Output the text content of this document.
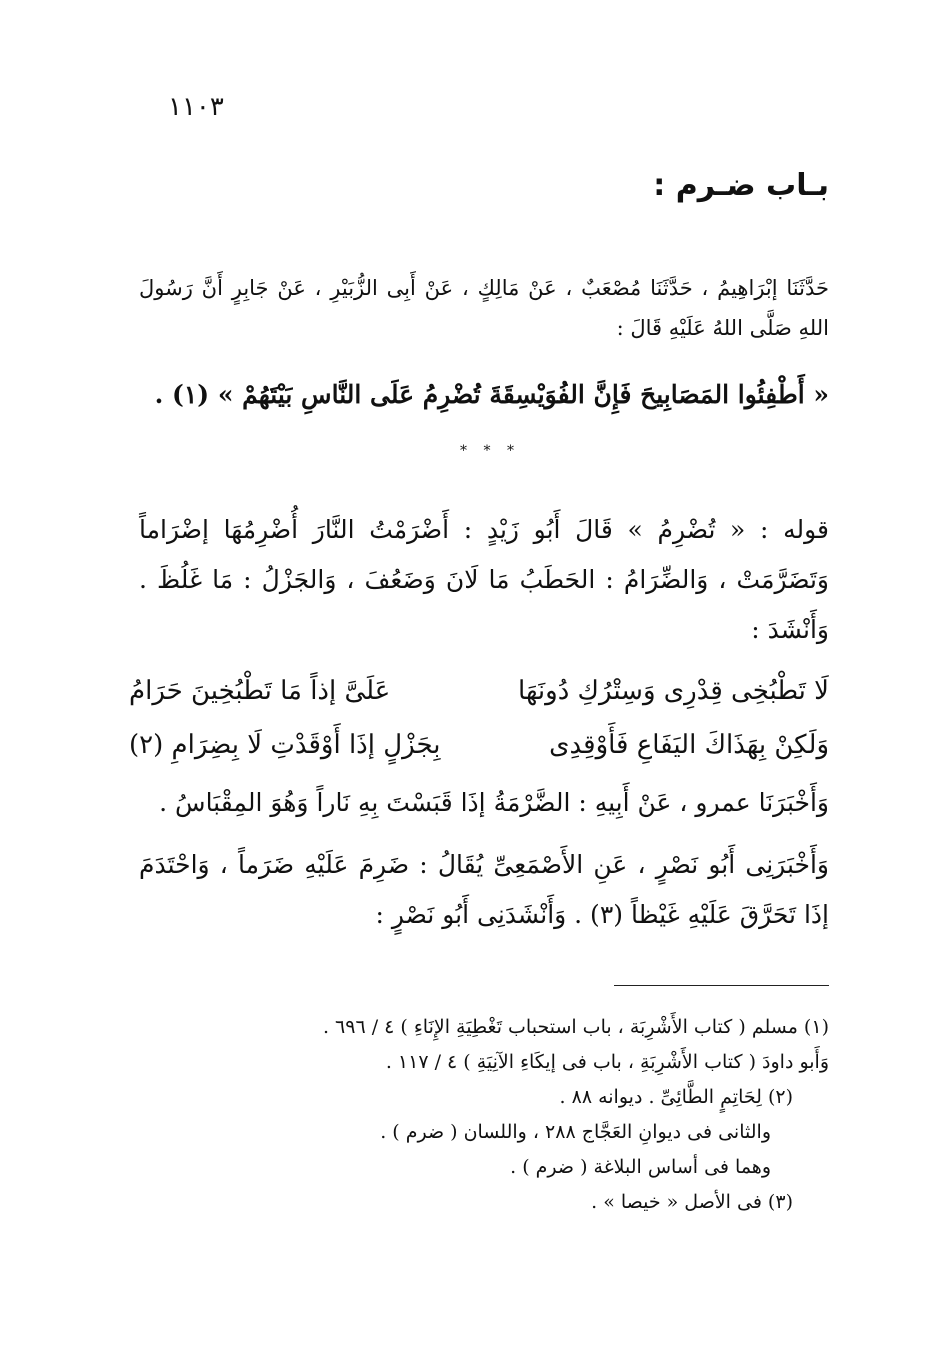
١١٠٣
بـاب ضـرم :
حَدَّثَنَا إبْرَاهِيمُ ، حَدَّثَنَا مُصْعَبٌ ، عَنْ مَالِكٍ ، عَنْ أَبِى الزُّبَيْرِ ، عَنْ جَابِرٍ أَنَّ رَسُولَ اللهِ صَلَّى اللهُ عَلَيْهِ قَالَ :
« أَطْفِئُوا المَصَابِيحَ فَإِنَّ الفُوَيْسِقَةَ تُضْرِمُ عَلَى النَّاسِ بَيْتَهُمْ » (١) .
* * *
قوله : « تُضْرِمُ » قَالَ أَبُو زَيْدٍ : أَضْرَمْتُ النَّارَ أُضْرِمُهَا إضْرَاماً وَتَضَرَّمَتْ ، وَالضِّرَامُ : الحَطَبُ مَا لَانَ وَضَعُفَ ، وَالجَزْلُ : مَا غَلُظَ . وَأَنْشَدَ :
لَا تَطْبُخِى قِدْرِى وَسِتْرُكِ دُونَهَا
عَلَىَّ إذاً مَا تَطْبُخِينَ حَرَامُ
وَلَكِنْ بِهَذَاكَ اليَفَاعِ فَأَوْقِدِى
بِجَزْلٍ إذَا أَوْقَدْتِ لَا بِضِرَامِ (٢)
وَأَخْبَرَنَا عمرو ، عَنْ أَبِيهِ : الضَّرْمَةُ إذَا قَبَسْتَ بِهِ نَاراً وَهُوَ المِقْبَاسُ .
وَأَخْبَرَنِى أَبُو نَصْرٍ ، عَنِ الأَصْمَعِىِّ يُقَالُ : ضَرِمَ عَلَيْهِ ضَرَماً ، وَاحْتَدَمَ إذَا تَحَرَّقَ عَلَيْهِ غَيْظاً (٣) . وَأَنْشَدَنِى أَبُو نَصْرٍ :
(١) مسلم ( كتاب الأَشْرِبَة ، باب استحباب تَغْطِيَةِ الإِنَاءِ ) ٤ / ٦٩٦ .
وَأَبو داودَ ( كتاب الأَشْرِبَةِ ، باب فى إيكَاءِ الآنِيَةِ ) ٤ / ١١٧ .
(٢) لِحَاتِمٍ الطَّائِىِّ . ديوانه ٨٨ .
والثانى فى ديوانِ العَجَّاج ٢٨٨ ، واللسان ( ضرم ) .
وهما فى أساس البلاغة ( ضرم ) .
(٣) فى الأصل « خيصا » .
